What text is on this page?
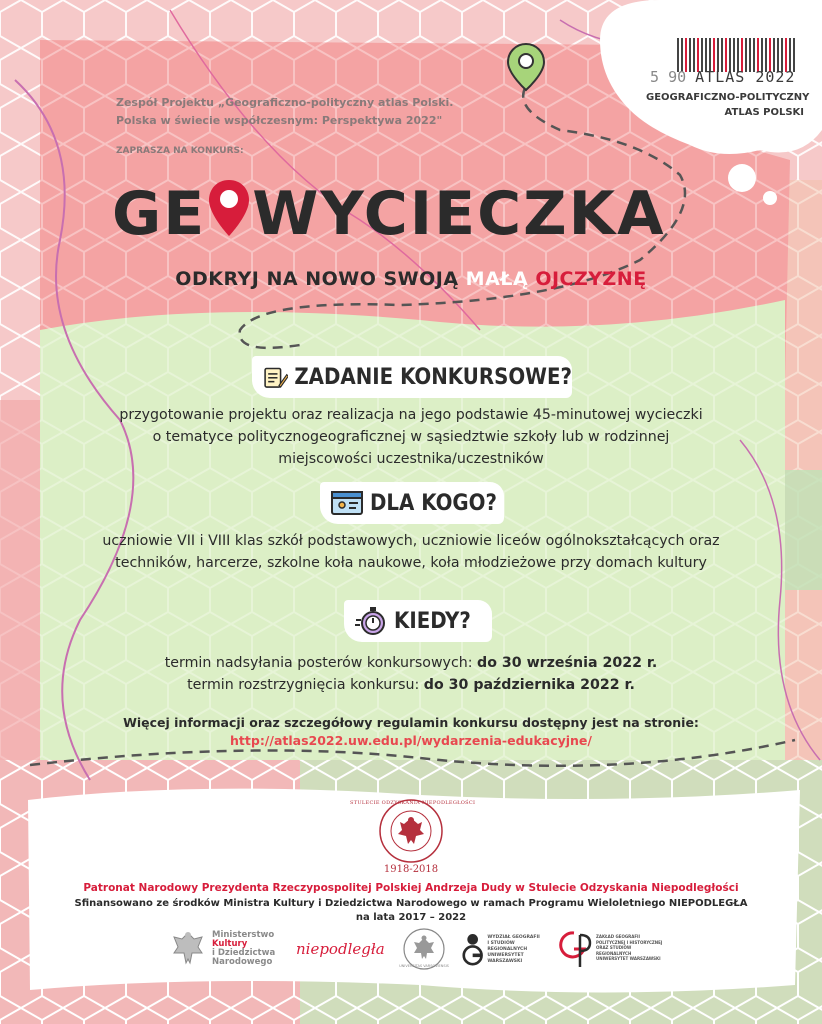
5 90 ATLAS 2022
GEOGRAFICZNO-POLITYCZNY
ATLAS POLSKI
Zespół Projektu „Geograficzno-polityczny atlas Polski.
Polska w świecie współczesnym: Perspektywa 2022"
ZAPRASZA NA KONKURS:
GE WYCIECZKA
ODKRYJ NA NOWO SWOJĄ MAŁĄ OJCZYZNĘ
ZADANIE KONKURSOWE?
przygotowanie projektu oraz realizacja na jego podstawie 45-minutowej wycieczki
o tematyce politycznogeograficznej w sąsiedztwie szkoły lub w rodzinnej
miejscowości uczestnika/uczestników
DLA KOGO?
uczniowie VII i VIII klas szkół podstawowych, uczniowie liceów ogólnokształcących oraz
techników, harcerze, szkolne koła naukowe, koła młodzieżowe przy domach kultury
KIEDY?
termin nadsyłania posterów konkursowych: do 30 września 2022 r.
termin rozstrzygnięcia konkursu: do 30 października 2022 r.
Więcej informacji oraz szczegółowy regulamin konkursu dostępny jest na stronie:
http://atlas2022.uw.edu.pl/wydarzenia-edukacyjne/
STULECIE ODZYSKANIA NIEPODLEGŁOŚCI
1918-2018
Patronat Narodowy Prezydenta Rzeczypospolitej Polskiej Andrzeja Dudy w Stulecie Odzyskania Niepodległości
Sfinansowano ze środków Ministra Kultury i Dziedzictwa Narodowego w ramach Programu Wieloletniego NIEPODLEGŁA
na lata 2017 – 2022
Ministerstwo
Kultury
i Dziedzictwa
Narodowego
niepodległa
UNIVERSITAS VARSOVIENSIS
WYDZIAŁ GEOGRAFII
I STUDIÓW REGIONALNYCH
UNIWERSYTET WARSZAWSKI
ZAKŁAD GEOGRAFII
POLITYCZNEJ I HISTORYCZNEJ
ORAZ STUDIÓW REGIONALNYCH
UNIWERSYTET WARSZAWSKI
